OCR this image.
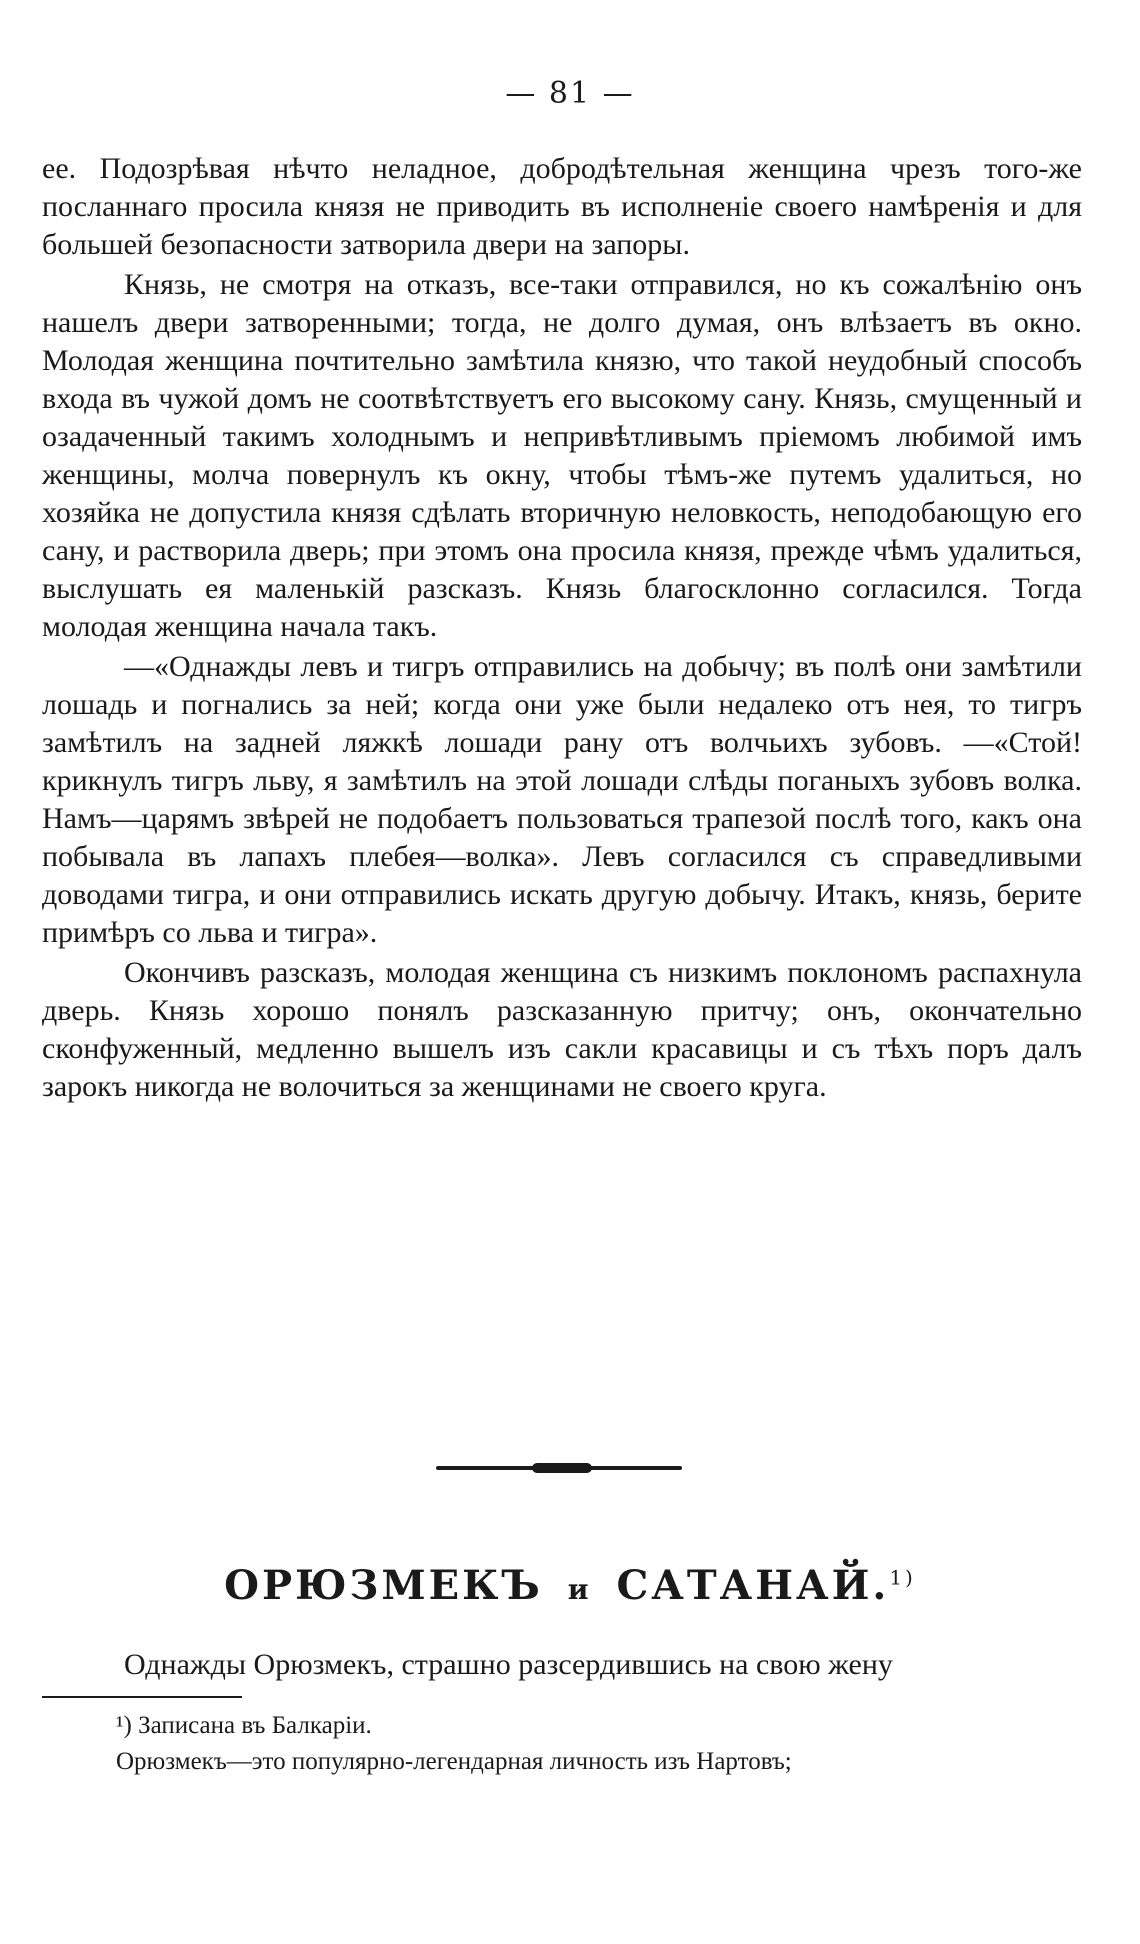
— 81 —

ее. Подозрѣвая нѣчто неладное, добродѣтельная женщина чрезъ того-же посланнаго просила князя не приводить въ исполненіе своего намѣренія и для большей безопасности затворила двери на запоры.

Князь, не смотря на отказъ, все-таки отправился, но къ сожалѣнію онъ нашелъ двери затворенными; тогда, не долго думая, онъ влѣзаетъ въ окно. Молодая женщина почтительно замѣтила князю, что такой неудобный способъ входа въ чужой домъ не соотвѣтствуетъ его высокому сану. Князь, смущенный и озадаченный такимъ холоднымъ и непривѣтливымъ пріемомъ любимой имъ женщины, молча повернулъ къ окну, чтобы тѣмъ-же путемъ удалиться, но хозяйка не допустила князя сдѣлать вторичную неловкость, неподобающую его сану, и растворила дверь; при этомъ она просила князя, прежде чѣмъ удалиться, выслушать ея маленькій разсказъ. Князь благосклонно согласился. Тогда молодая женщина начала такъ.

—«Однажды левъ и тигръ отправились на добычу; въ полѣ они замѣтили лошадь и погнались за ней; когда они уже были недалеко отъ нея, то тигръ замѣтилъ на задней ляжкѣ лошади рану отъ волчьихъ зубовъ. —«Стой! крикнулъ тигръ льву, я замѣтилъ на этой лошади слѣды поганыхъ зубовъ волка. Намъ—царямъ звѣрей не подобаетъ пользоваться трапезой послѣ того, какъ она побывала въ лапахъ плебея—волка». Левъ согласился съ справедливыми доводами тигра, и они отправились искать другую добычу. Итакъ, князь, берите примѣръ со льва и тигра».

Окончивъ разсказъ, молодая женщина съ низкимъ поклономъ распахнула дверь. Князь хорошо понялъ разсказанную притчу; онъ, окончательно сконфуженный, медленно вышелъ изъ сакли красавицы и съ тѣхъ поръ далъ зарокъ никогда не волочиться за женщинами не своего круга.

ОРЮЗМЕКЪ и САТАНАЙ.$^{1)}$
Однажды Орюзмекъ, страшно разсердившись на свою жену

¹) Записана въ Балкаріи.

Орюзмекъ—это популярно-легендарная личность изъ Нартовъ;
